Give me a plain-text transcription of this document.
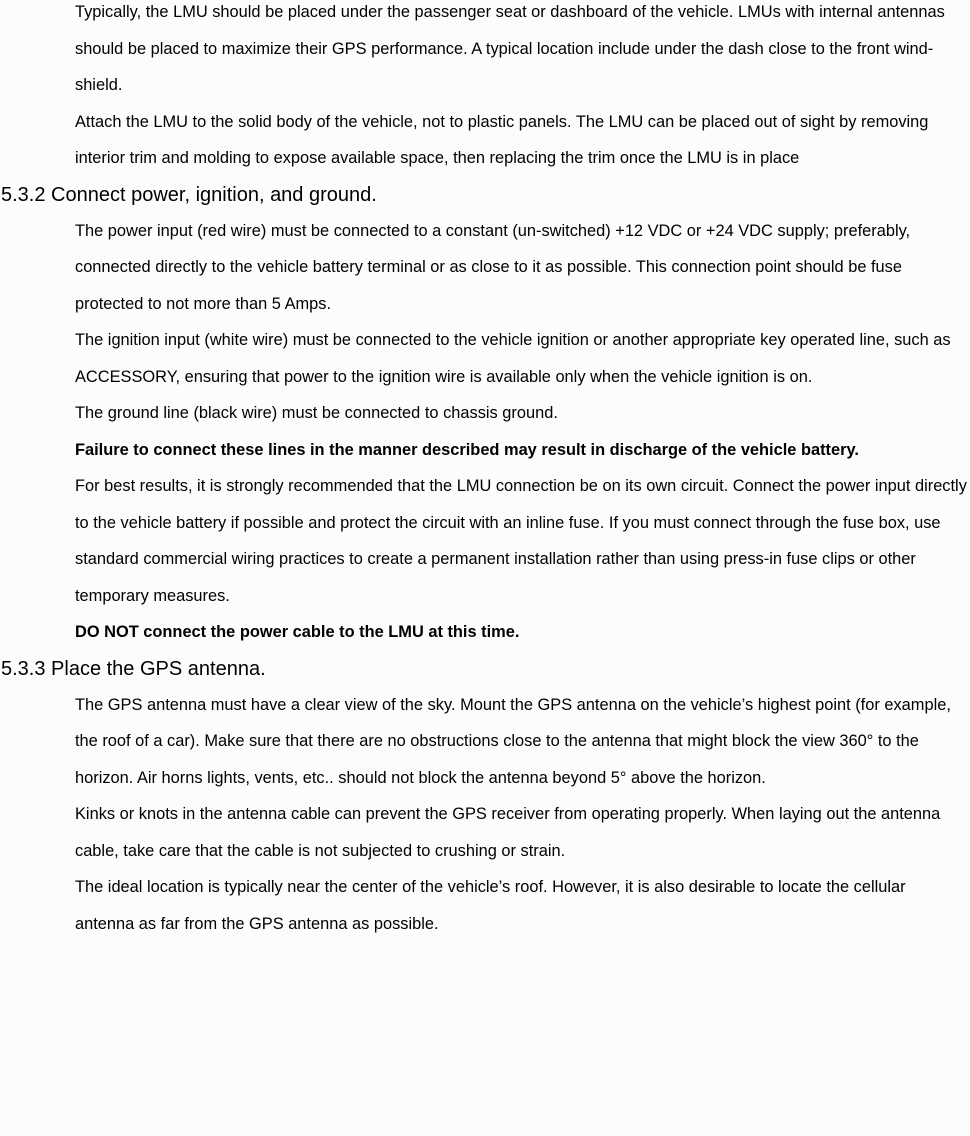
Typically, the LMU should be placed under the passenger seat or dashboard of the vehicle. LMUs with internal antennas should be placed to maximize their GPS performance. A typical location include under the dash close to the front wind-shield.

Attach the LMU to the solid body of the vehicle, not to plastic panels. The LMU can be placed out of sight by removing interior trim and molding to expose available space, then replacing the trim once the LMU is in place

5.3.2 Connect power, ignition, and ground.

The power input (red wire) must be connected to a constant (un-switched) +12 VDC or +24 VDC supply; preferably, connected directly to the vehicle battery terminal or as close to it as possible. This connection point should be fuse protected to not more than 5 Amps.

The ignition input (white wire) must be connected to the vehicle ignition or another appropriate key operated line, such as ACCESSORY, ensuring that power to the ignition wire is available only when the vehicle ignition is on.

The ground line (black wire) must be connected to chassis ground.

Failure to connect these lines in the manner described may result in discharge of the vehicle battery.

For best results, it is strongly recommended that the LMU connection be on its own circuit. Connect the power input directly to the vehicle battery if possible and protect the circuit with an inline fuse. If you must connect through the fuse box, use standard commercial wiring practices to create a permanent installation rather than using press-in fuse clips or other temporary measures.

DO NOT connect the power cable to the LMU at this time.

5.3.3 Place the GPS antenna.

The GPS antenna must have a clear view of the sky. Mount the GPS antenna on the vehicle’s highest point (for example, the roof of a car). Make sure that there are no obstructions close to the antenna that might block the view 360° to the horizon. Air horns lights, vents, etc.. should not block the antenna beyond 5° above the horizon.

Kinks or knots in the antenna cable can prevent the GPS receiver from operating properly. When laying out the antenna cable, take care that the cable is not subjected to crushing or strain.

The ideal location is typically near the center of the vehicle’s roof. However, it is also desirable to locate the cellular antenna as far from the GPS antenna as possible.
